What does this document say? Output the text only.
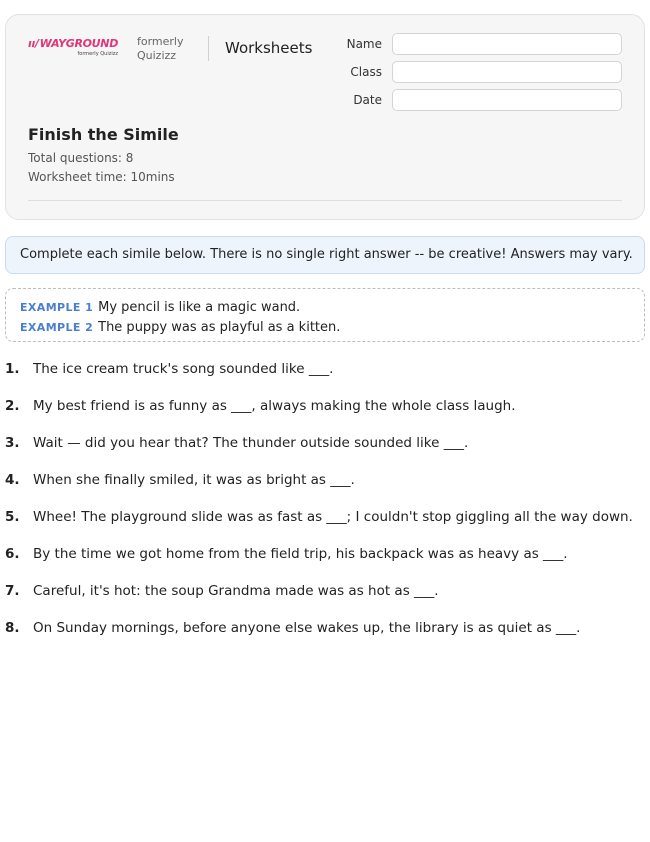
ıı/WAYGROUND
formerly Quizizz
formerly
Quizizz	Worksheets	Name
Class
Date
Finish the Simile
Total questions: 8
Worksheet time: 10mins
Complete each simile below. There is no single right answer -- be creative! Answers may vary.
EXAMPLE 1 My pencil is like a magic wand.
EXAMPLE 2 The puppy was as playful as a kitten.
1. The ice cream truck's song sounded like ___.
2. My best friend is as funny as ___, always making the whole class laugh.
3. Wait — did you hear that? The thunder outside sounded like ___.
4. When she finally smiled, it was as bright as ___.
5. Whee! The playground slide was as fast as ___; I couldn't stop giggling all the way down.
6. By the time we got home from the field trip, his backpack was as heavy as ___.
7. Careful, it's hot: the soup Grandma made was as hot as ___.
8. On Sunday mornings, before anyone else wakes up, the library is as quiet as ___.
